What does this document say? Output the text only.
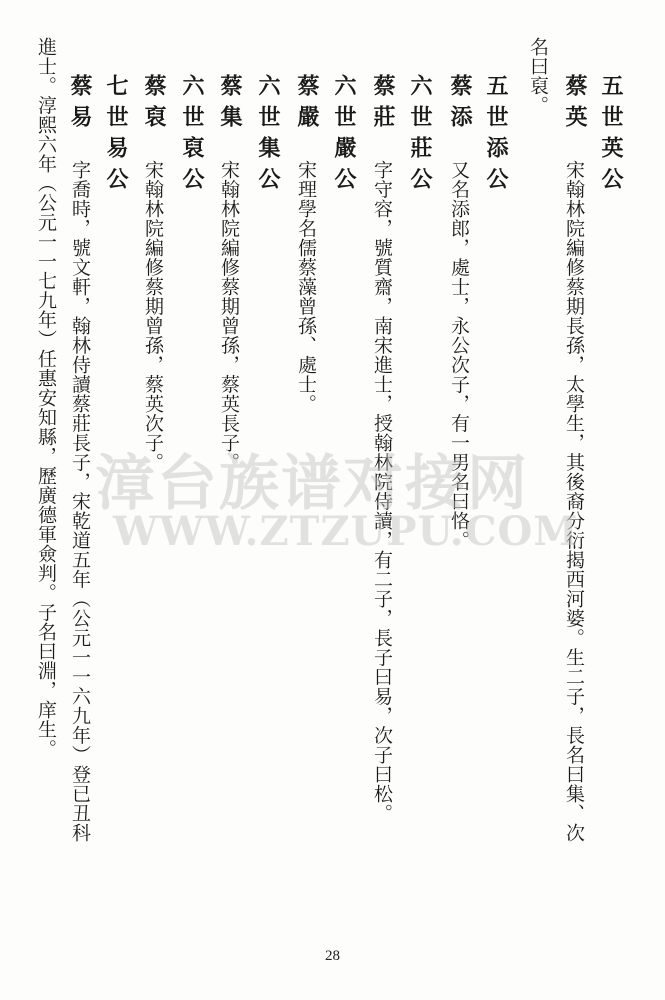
五世英公
蔡英
宋翰林院編修蔡期長孫，太學生，其後裔分衍揭西河婆。生二子，長名曰集、次
名曰裒。
五世添公
蔡添
又名添郎，處士，永公次子，有一男名曰恪。
六世莊公
蔡莊
字守容，號質齋，南宋進士，授翰林院侍讀，有二子，長子曰易，次子曰松。
六世嚴公
蔡嚴
宋理學名儒蔡藻曾孫、處士。
六世集公
蔡集
宋翰林院編修蔡期曾孫，蔡英長子。
六世裒公
蔡裒
宋翰林院編修蔡期曾孫，蔡英次子。
七世易公
蔡易
字喬時，號文軒，翰林侍讀蔡莊長子，宋乾道五年（公元一一六九年）登已丑科
進士。淳熙六年（公元一一七九年）任惠安知縣，歷廣德軍僉判。子名曰淵，庠生。 漳台族谱对接网
WWW.ZTZUPU.COM
28
